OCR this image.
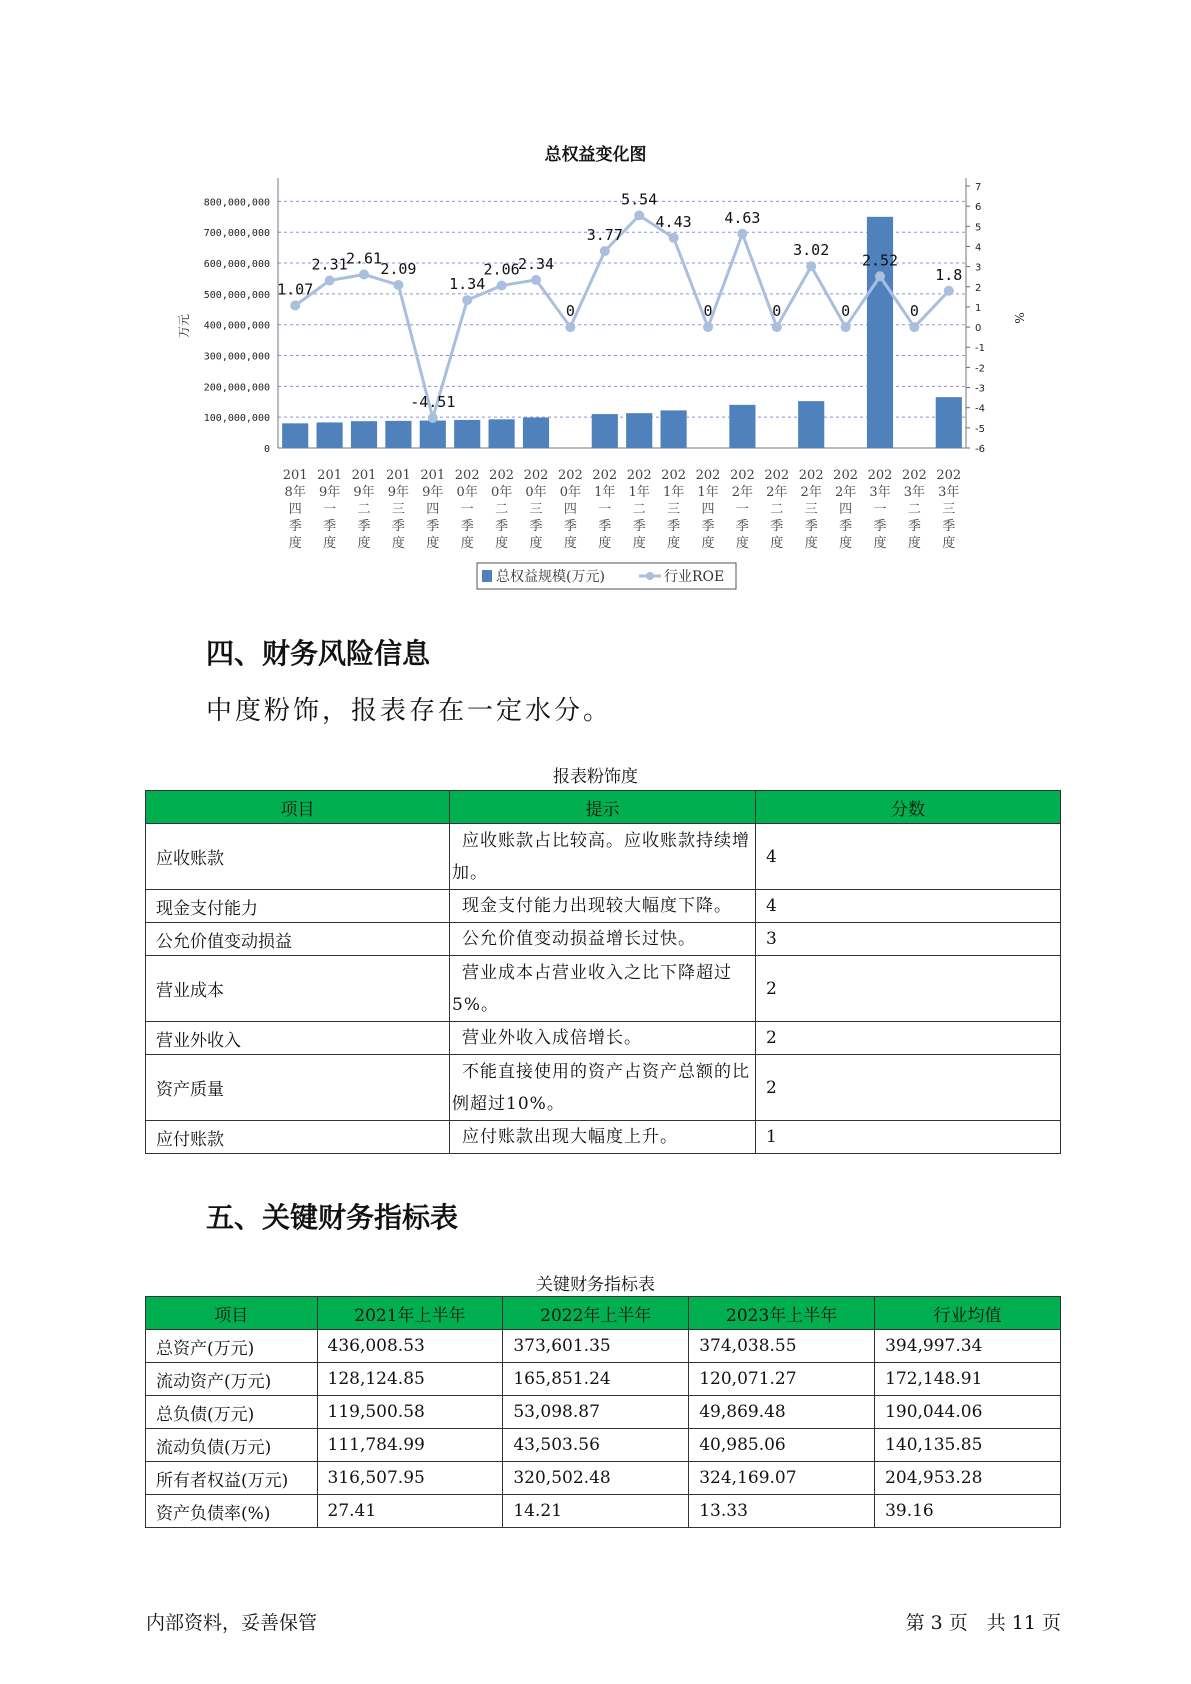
总权益变化图
0
100,000,000
200,000,000
300,000,000
400,000,000
500,000,000
600,000,000
700,000,000
800,000,000
-6
-5
-4
-3
-2
-1
0
1
2
3
4
5
6
7
万元	%
1.07
2.31
2.61
2.09
-4.51
1.34
2.06
2.34
0
3.77
5.54
4.43
0
4.63
0
3.02
0
2.52
0
1.8
201
8年
四
季
度
201
9年
一
季
度
201
9年
二
季
度
201
9年
三
季
度
201
9年
四
季
度
202
0年
一
季
度
202
0年
二
季
度
202
0年
三
季
度
202
0年
四
季
度
202
1年
一
季
度
202
1年
二
季
度
202
1年
三
季
度
202
1年
四
季
度
202
2年
一
季
度
202
2年
二
季
度
202
2年
三
季
度
202
2年
四
季
度
202
3年
一
季
度
202
3年
二
季
度
202
3年
三
季
度
总权益规模(万元)	行业ROE
四、财务风险信息
中度粉饰，报表存在一定水分。
报表粉饰度
项目	提示	分数
应收账款	应收账款占比较高。应收账款持续增加。	4
现金支付能力	现金支付能力出现较大幅度下降。	4
公允价值变动损益	公允价值变动损益增长过快。	3
营业成本	营业成本占营业收入之比下降超过5%。	2
营业外收入	营业外收入成倍增长。	2
资产质量	不能直接使用的资产占资产总额的比例超过10%。	2
应付账款	应付账款出现大幅度上升。	1
五、关键财务指标表
关键财务指标表
项目	2021年上半年	2022年上半年	2023年上半年	行业均值
总资产(万元)	436,008.53	373,601.35	374,038.55	394,997.34
流动资产(万元)	128,124.85	165,851.24	120,071.27	172,148.91
总负债(万元)	119,500.58	53,098.87	49,869.48	190,044.06
流动负债(万元)	111,784.99	43,503.56	40,985.06	140,135.85
所有者权益(万元)	316,507.95	320,502.48	324,169.07	204,953.28
资产负债率(%)	27.41	14.21	13.33	39.16
内部资料，妥善保管	第 3 页　共 11 页
